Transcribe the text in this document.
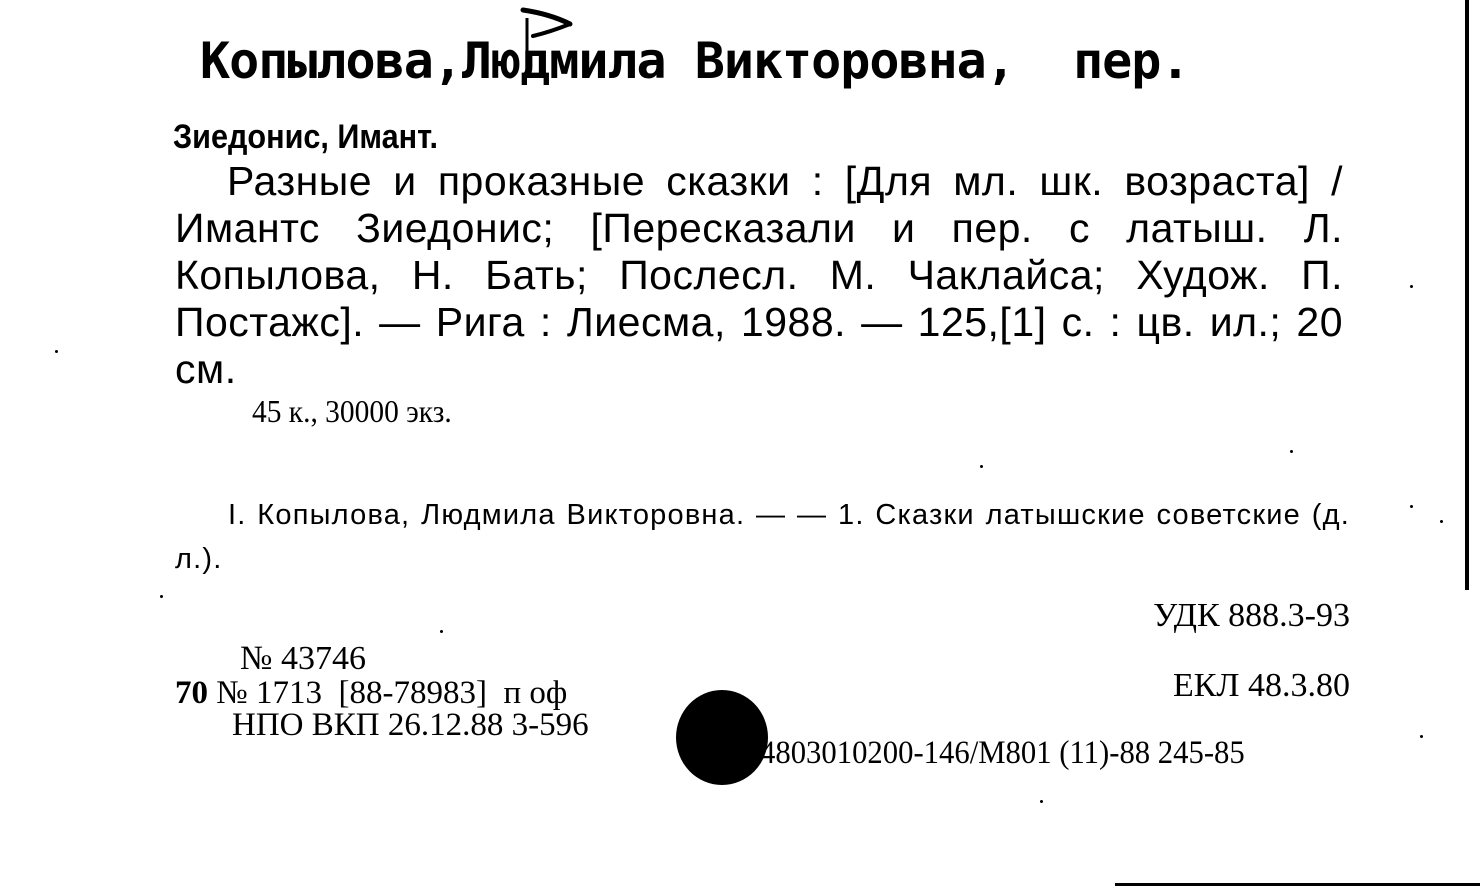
Копылова,Людмила Викторовна,  пер.
Зиедонис, Имант.
Разные и проказные сказки : [Для мл. шк. возраста] / Имантс Зиедонис; [Пересказали и пер. с латыш. Л. Копылова, Н. Бать; Послесл. М. Чаклайса; Худож. П. Постажс]. — Рига : Лиесма, 1988. — 125,[1] с. : цв. ил.; 20 см.
45 к., 30000 экз.
I. Копылова, Людмила Викторовна. — — 1. Сказки латышские советские (д. л.).
УДК 888.3-93
ЕКЛ 48.3.80
№ 43746
70 № 1713  [88-78983]  п оф
НПО ВКП 26.12.88 3-596
4803010200-146/М801 (11)-88 245-85
